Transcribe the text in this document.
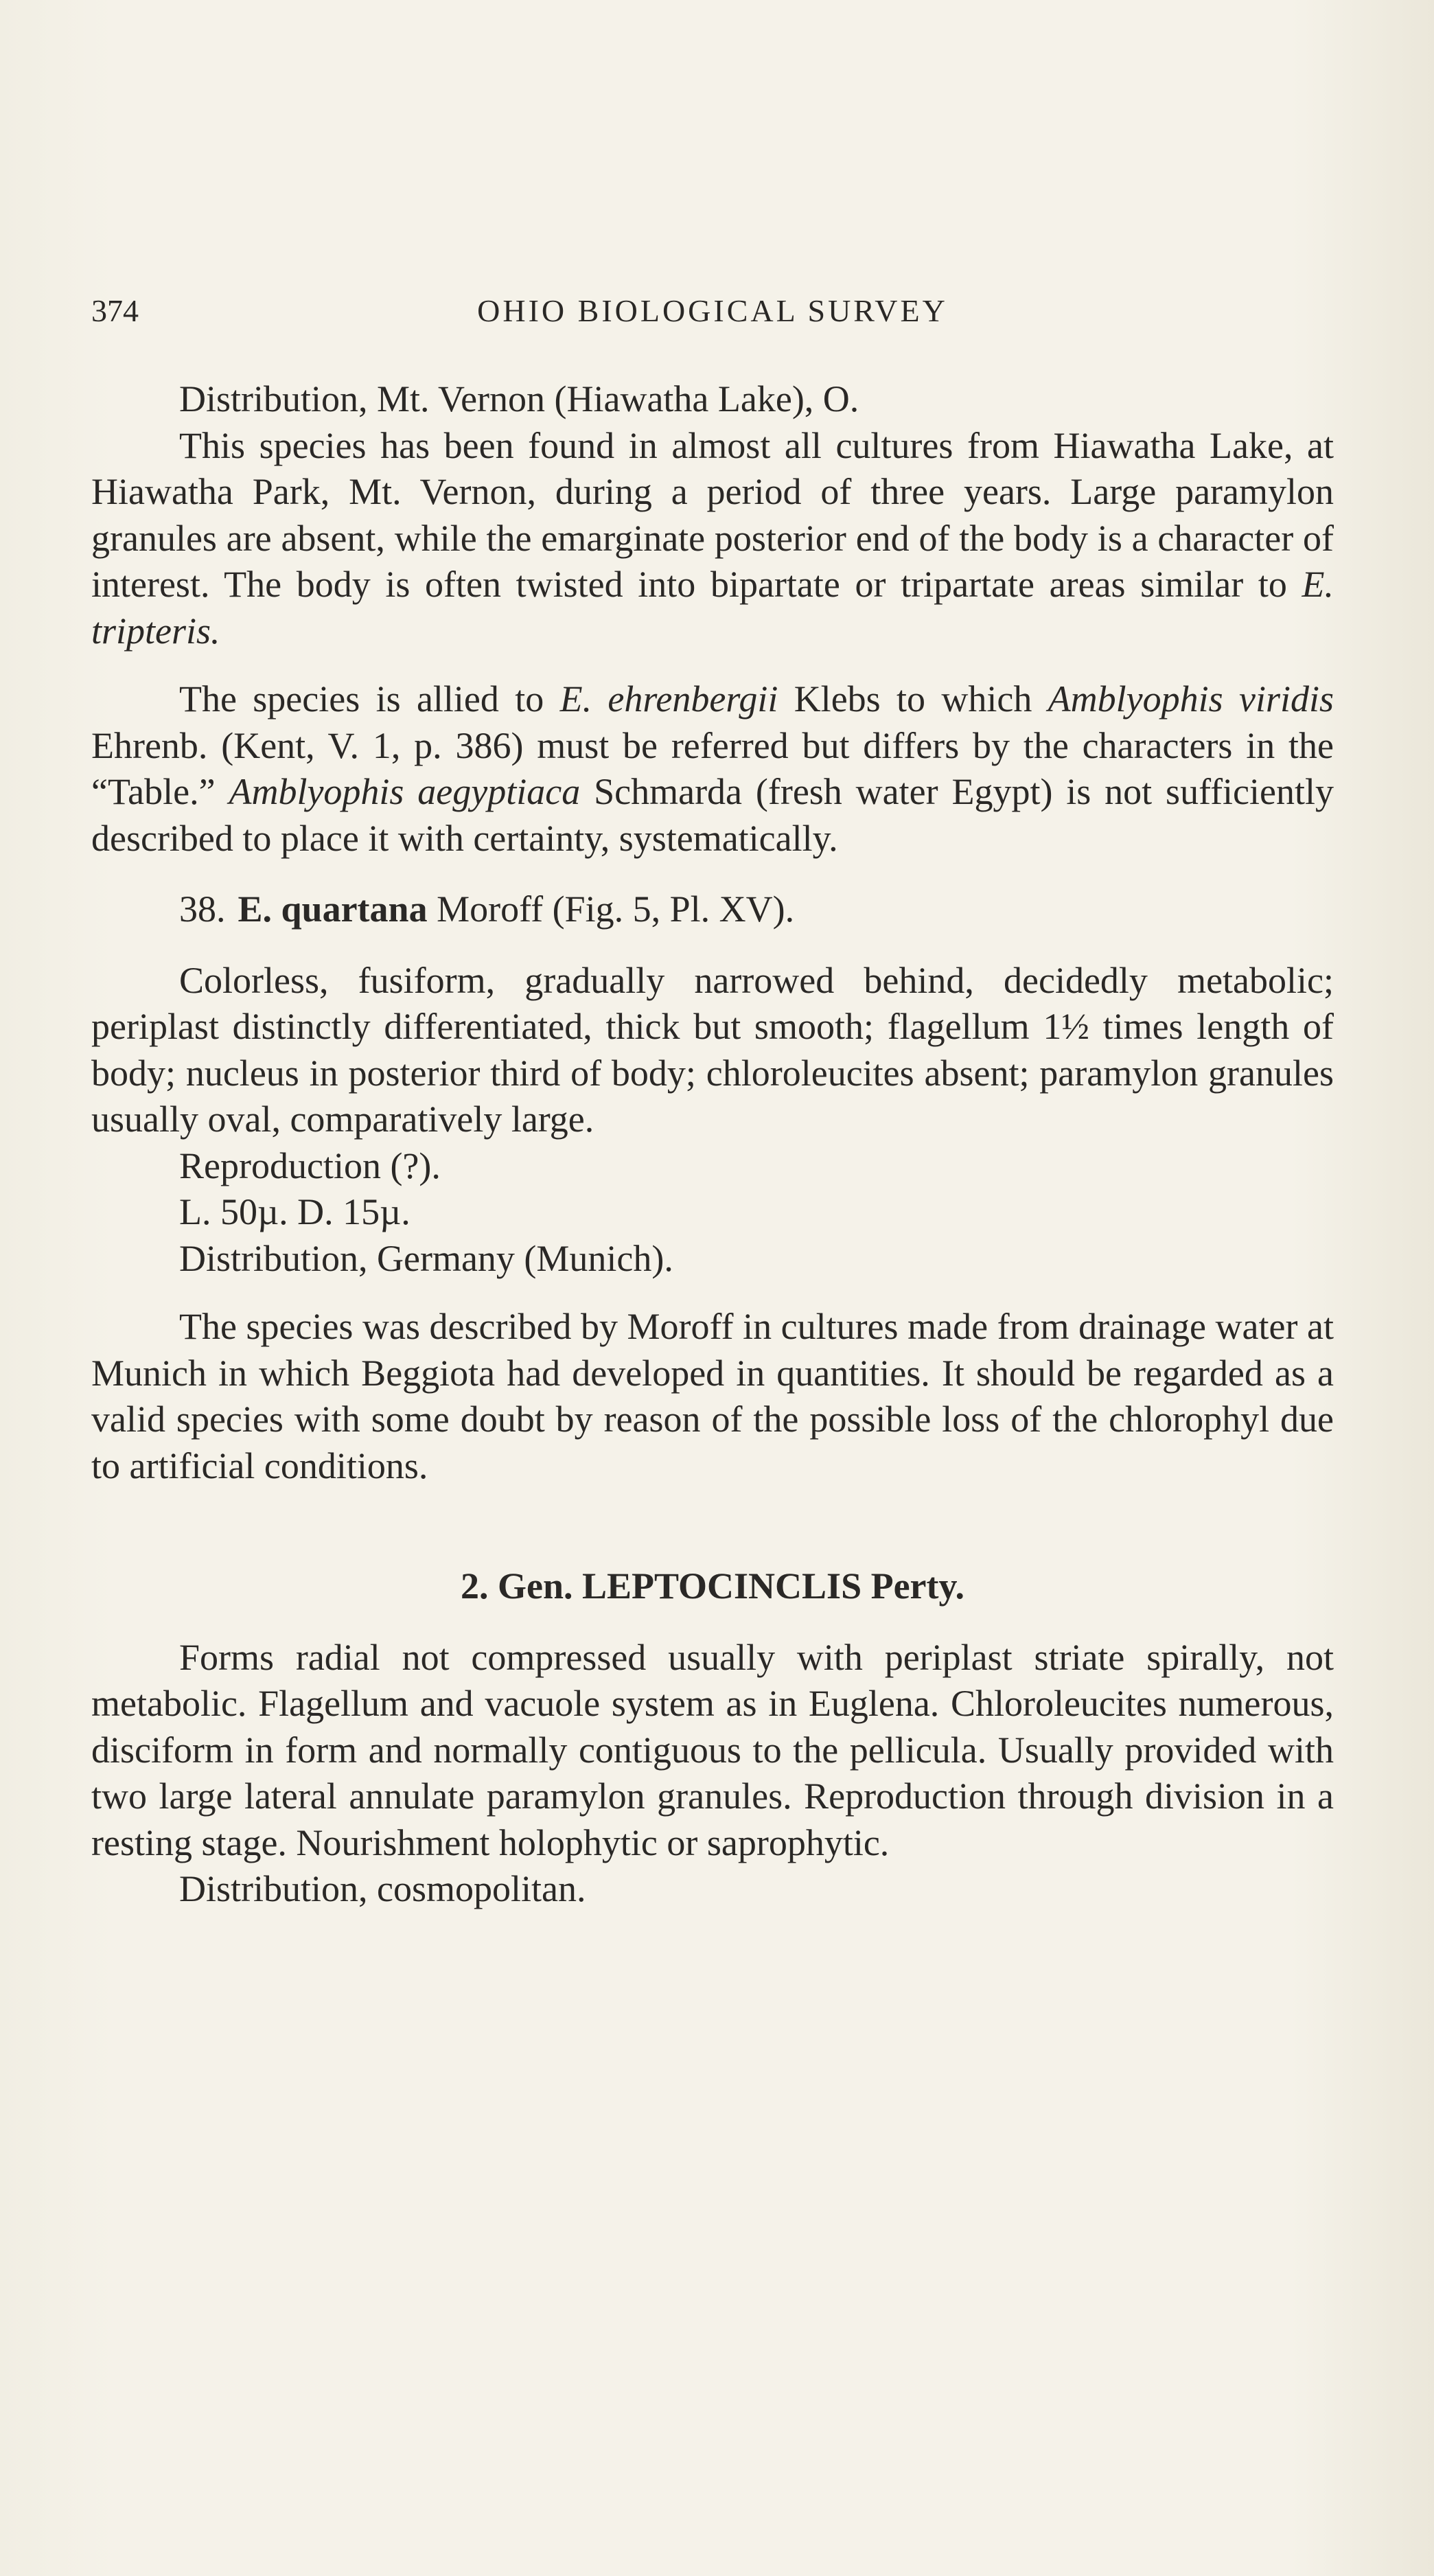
374	OHIO BIOLOGICAL SURVEY

Distribution, Mt. Vernon (Hiawatha Lake), O.

This species has been found in almost all cultures from Hiawatha Lake, at Hiawatha Park, Mt. Vernon, during a period of three years. Large paramylon granules are absent, while the emarginate posterior end of the body is a character of interest. The body is often twisted into bipartate or tripartate areas similar to E. tripteris.

The species is allied to E. ehrenbergii Klebs to which Amblyophis viridis Ehrenb. (Kent, V. 1, p. 386) must be referred but differs by the characters in the “Table.” Amblyophis aegyptiaca Schmarda (fresh water Egypt) is not sufficiently described to place it with certainty, systematically.

38. E. quartana Moroff (Fig. 5, Pl. XV).

Colorless, fusiform, gradually narrowed behind, decidedly metabolic; periplast distinctly differentiated, thick but smooth; flagellum 1½ times length of body; nucleus in posterior third of body; chloroleucites absent; paramylon granules usually oval, comparatively large.

Reproduction (?).

L. 50µ. D. 15µ.

Distribution, Germany (Munich).

The species was described by Moroff in cultures made from drainage water at Munich in which Beggiota had developed in quantities. It should be regarded as a valid species with some doubt by reason of the possible loss of the chlorophyl due to artificial conditions.

2. Gen. LEPTOCINCLIS Perty.

Forms radial not compressed usually with periplast striate spirally, not metabolic. Flagellum and vacuole system as in Euglena. Chloroleucites numerous, disciform in form and normally contiguous to the pellicula. Usually provided with two large lateral annulate paramylon granules. Reproduction through division in a resting stage. Nourishment holophytic or saprophytic.

Distribution, cosmopolitan.
